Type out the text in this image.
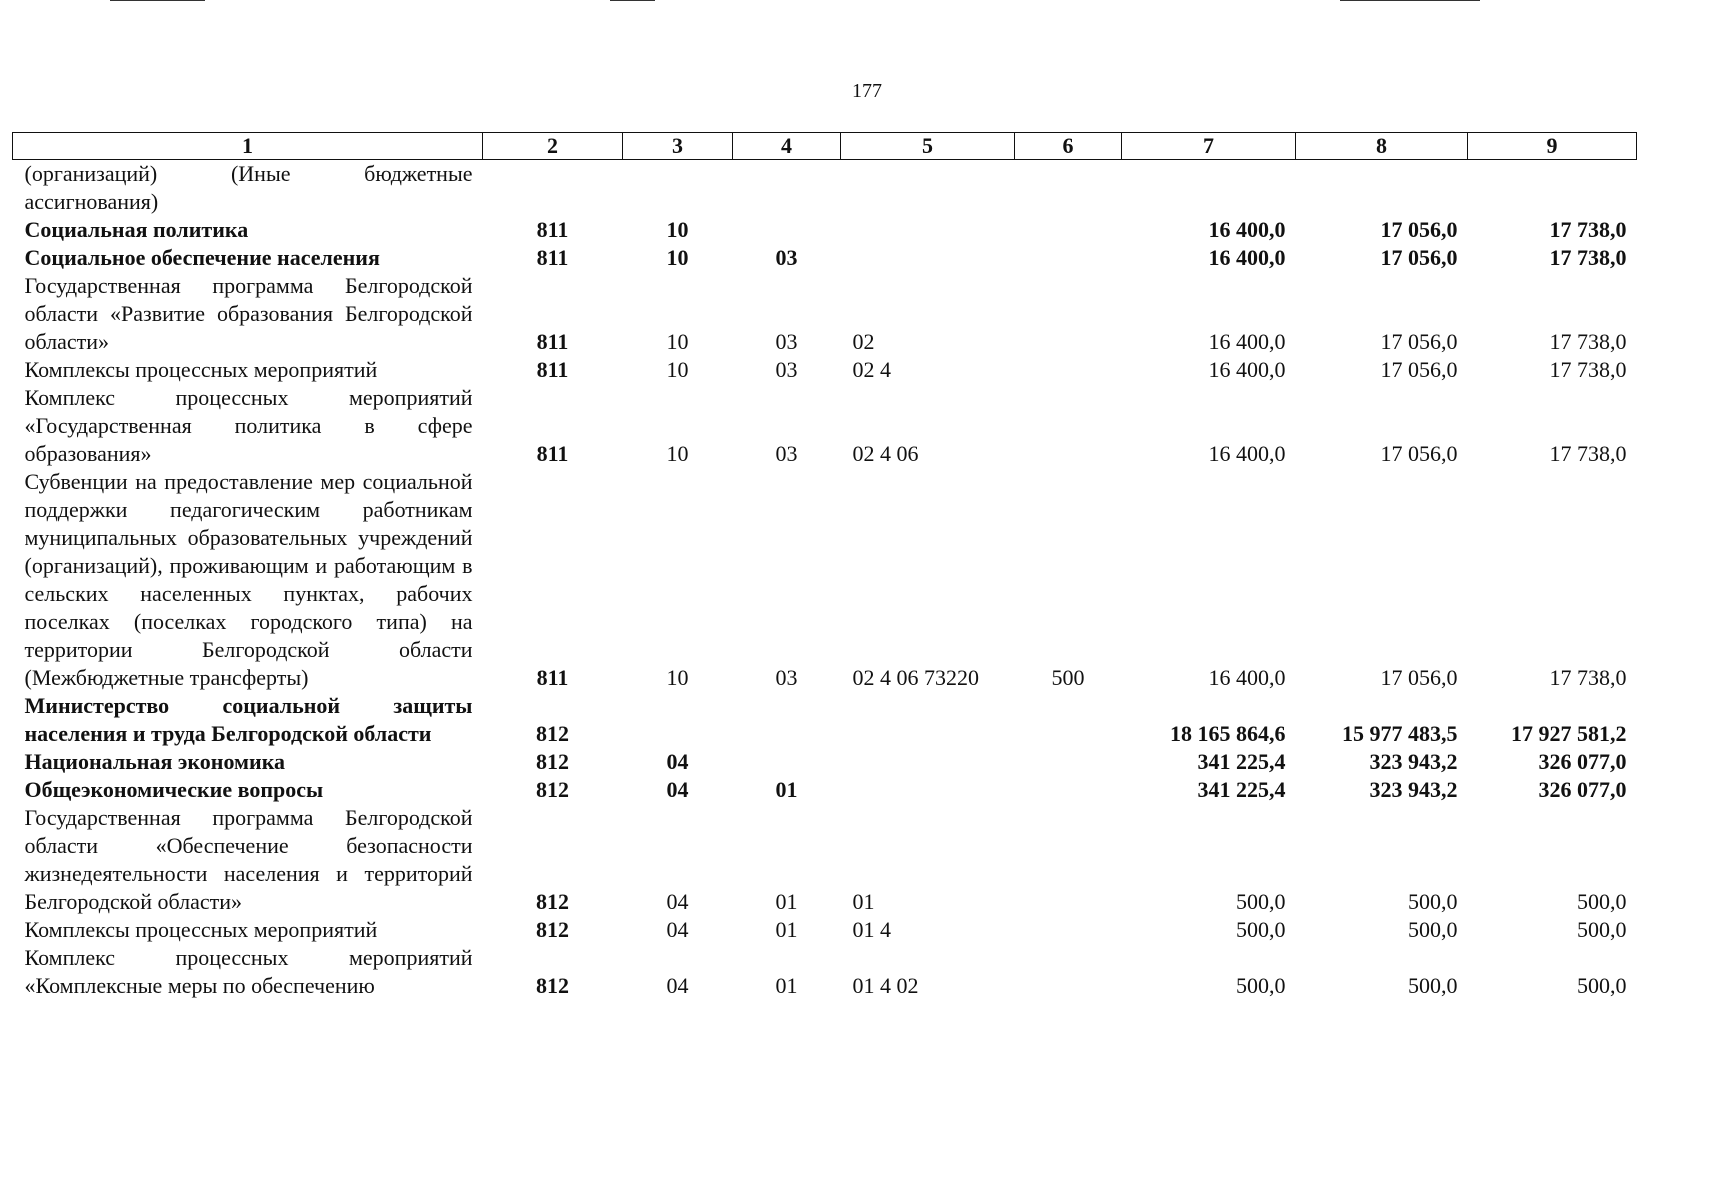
177
1	2	3	4	5	6	7	8	9
(организаций) (Иные бюджетные ассигнования)								
Социальная политика	811	10				16 400,0	17 056,0	17 738,0
Социальное обеспечение населения	811	10	03			16 400,0	17 056,0	17 738,0
Государственная программа Белгородской области «Развитие образования Белгородской области»	811	10	03	02		16 400,0	17 056,0	17 738,0
Комплексы процессных мероприятий	811	10	03	02 4		16 400,0	17 056,0	17 738,0
Комплекс процессных мероприятий «Государственная политика в сфере образования»	811	10	03	02 4 06		16 400,0	17 056,0	17 738,0
Субвенции на предоставление мер социальной поддержки педагогическим работникам муниципальных образовательных учреждений (организаций), проживающим и работающим в сельских населенных пунктах, рабочих поселках (поселках городского типа) на территории Белгородской области (Межбюджетные трансферты)	811	10	03	02 4 06 73220	500	16 400,0	17 056,0	17 738,0
Министерство социальной защиты населения и труда Белгородской области	812					18 165 864,6	15 977 483,5	17 927 581,2
Национальная экономика	812	04				341 225,4	323 943,2	326 077,0
Общеэкономические вопросы	812	04	01			341 225,4	323 943,2	326 077,0
Государственная программа Белгородской области «Обеспечение безопасности жизнедеятельности населения и территорий Белгородской области»	812	04	01	01		500,0	500,0	500,0
Комплексы процессных мероприятий	812	04	01	01 4		500,0	500,0	500,0
Комплекс процессных мероприятий «Комплексные меры по обеспечению	812	04	01	01 4 02		500,0	500,0	500,0
